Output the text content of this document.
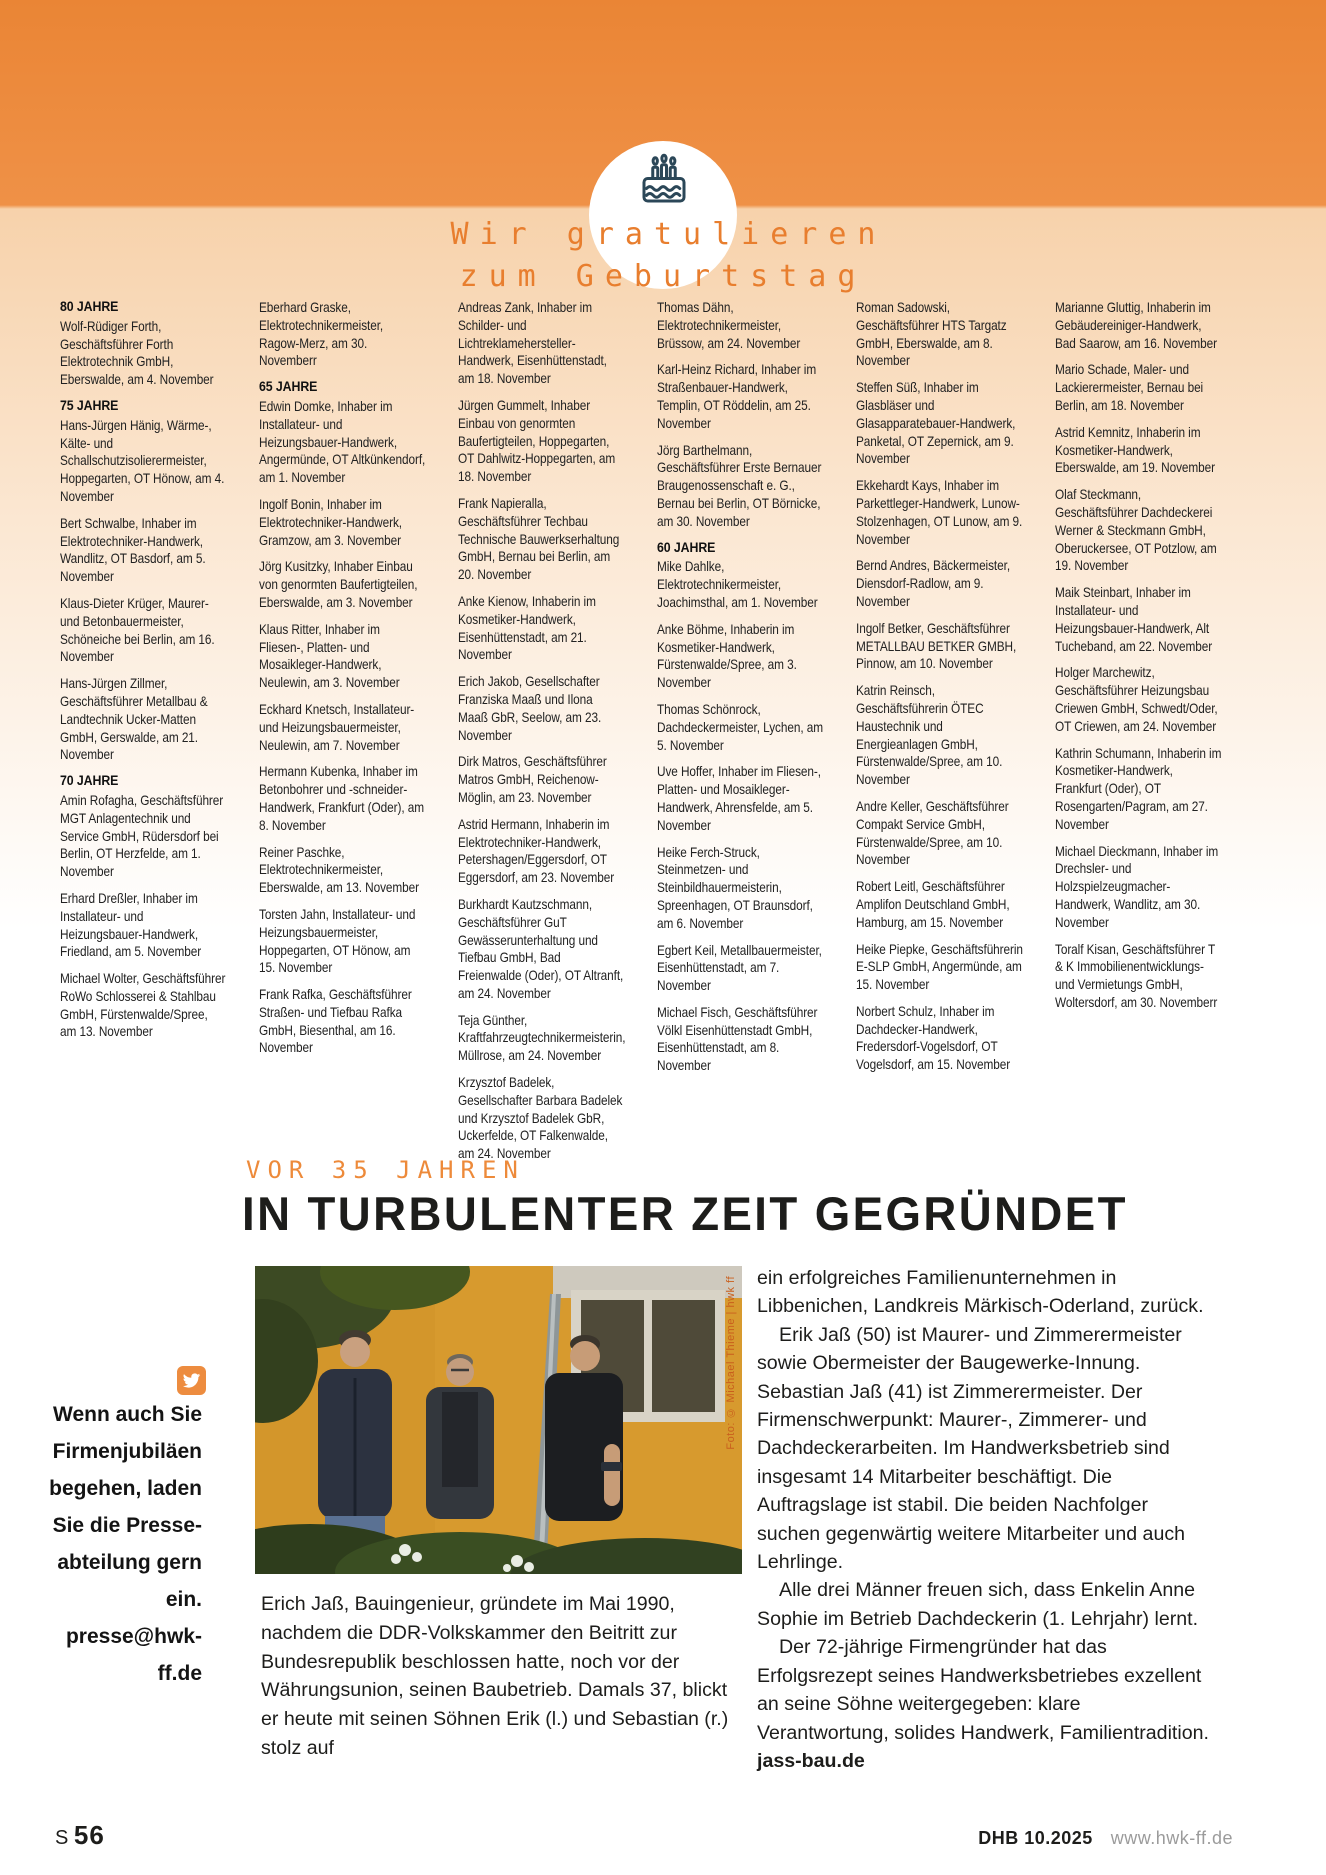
Wir gratulieren
zum Geburtstag
80 JAHRE

Wolf-Rüdiger Forth, Geschäftsführer Forth Elektrotechnik GmbH, Eberswalde, am 4. November

75 JAHRE

Hans-Jürgen Hänig, Wärme-, Kälte- und Schallschutzisolierermeister, Hoppegarten, OT Hönow, am 4. November

Bert Schwalbe, Inhaber im Elektrotechniker-Handwerk, Wandlitz, OT Basdorf, am 5. November

Klaus-Dieter Krüger, Maurer- und Betonbauermeister, Schöneiche bei Berlin, am 16. November

Hans-Jürgen Zillmer, Geschäftsführer Metallbau & Landtechnik Ucker-Matten GmbH, Gerswalde, am 21. November

70 JAHRE

Amin Rofagha, Geschäftsführer MGT Anlagentechnik und Service GmbH, Rüdersdorf bei Berlin, OT Herzfelde, am 1. November

Erhard Dreßler, Inhaber im Installateur- und Heizungsbauer-Handwerk, Friedland, am 5. November

Michael Wolter, Geschäftsführer RoWo Schlosserei & Stahlbau GmbH, Fürstenwalde/Spree, am 13. November

Eberhard Graske, Elektrotechnikermeister, Ragow-Merz, am 30. Novemberr

65 JAHRE

Edwin Domke, Inhaber im Installateur- und Heizungsbauer-Handwerk, Angermünde, OT Altkünkendorf, am 1. November

Ingolf Bonin, Inhaber im Elektrotechniker-Handwerk, Gramzow, am 3. November

Jörg Kusitzky, Inhaber Einbau von genormten Baufertigteilen, Eberswalde, am 3. November

Klaus Ritter, Inhaber im Fliesen-, Platten- und Mosaikleger-Handwerk, Neulewin, am 3. November

Eckhard Knetsch, Installateur- und Heizungsbauermeister, Neulewin, am 7. November

Hermann Kubenka, Inhaber im Betonbohrer und -schneider-Handwerk, Frankfurt (Oder), am 8. November

Reiner Paschke, Elektrotechnikermeister, Eberswalde, am 13. November

Torsten Jahn, Installateur- und Heizungsbauermeister, Hoppegarten, OT Hönow, am 15. November

Frank Rafka, Geschäftsführer Straßen- und Tiefbau Rafka GmbH, Biesenthal, am 16. November

Andreas Zank, Inhaber im Schilder- und Lichtreklamehersteller-Handwerk, Eisenhüttenstadt, am 18. November

Jürgen Gummelt, Inhaber Einbau von genormten Baufertigteilen, Hoppegarten, OT Dahlwitz-Hoppegarten, am 18. November

Frank Napieralla, Geschäftsführer Techbau Technische Bauwerkserhaltung GmbH, Bernau bei Berlin, am 20. November

Anke Kienow, Inhaberin im Kosmetiker-Handwerk, Eisenhüttenstadt, am 21. November

Erich Jakob, Gesellschafter Franziska Maaß und Ilona Maaß GbR, Seelow, am 23. November

Dirk Matros, Geschäftsführer Matros GmbH, Reichenow-Möglin, am 23. November

Astrid Hermann, Inhaberin im Elektrotechniker-Handwerk, Petershagen/Eggersdorf, OT Eggersdorf, am 23. November

Burkhardt Kautzschmann, Geschäftsführer GuT Gewässerunterhaltung und Tiefbau GmbH, Bad Freienwalde (Oder), OT Altranft, am 24. November

Teja Günther, Kraftfahrzeugtechnikermeisterin, Müllrose, am 24. November

Krzysztof Badelek, Gesellschafter Barbara Badelek und Krzysztof Badelek GbR, Uckerfelde, OT Falkenwalde, am 24. November

Thomas Dähn, Elektrotechnikermeister, Brüssow, am 24. November

Karl-Heinz Richard, Inhaber im Straßenbauer-Handwerk, Templin, OT Röddelin, am 25. November

Jörg Barthelmann, Geschäftsführer Erste Bernauer Braugenossenschaft e. G., Bernau bei Berlin, OT Börnicke, am 30. November

60 JAHRE

Mike Dahlke, Elektrotechnikermeister, Joachimsthal, am 1. November

Anke Böhme, Inhaberin im Kosmetiker-Handwerk, Fürstenwalde/Spree, am 3. November

Thomas Schönrock, Dachdeckermeister, Lychen, am 5. November

Uve Hoffer, Inhaber im Fliesen-, Platten- und Mosaikleger-Handwerk, Ahrensfelde, am 5. November

Heike Ferch-Struck, Steinmetzen- und Steinbildhauermeisterin, Spreenhagen, OT Braunsdorf, am 6. November

Egbert Keil, Metallbauermeister, Eisenhüttenstadt, am 7. November

Michael Fisch, Geschäftsführer Völkl Eisenhüttenstadt GmbH, Eisenhüttenstadt, am 8. November

Roman Sadowski, Geschäftsführer HTS Targatz GmbH, Eberswalde, am 8. November

Steffen Süß, Inhaber im Glasbläser und Glasapparatebauer-Handwerk, Panketal, OT Zepernick, am 9. November

Ekkehardt Kays, Inhaber im Parkettleger-Handwerk, Lunow-Stolzenhagen, OT Lunow, am 9. November

Bernd Andres, Bäckermeister, Diensdorf-Radlow, am 9. November

Ingolf Betker, Geschäftsführer METALLBAU BETKER GMBH, Pinnow, am 10. November

Katrin Reinsch, Geschäftsführerin ÖTEC Haustechnik und Energieanlagen GmbH, Fürstenwalde/Spree, am 10. November

Andre Keller, Geschäftsführer Compakt Service GmbH, Fürstenwalde/Spree, am 10. November

Robert Leitl, Geschäftsführer Amplifon Deutschland GmbH, Hamburg, am 15. November

Heike Piepke, Geschäftsführerin E-SLP GmbH, Angermünde, am 15. November

Norbert Schulz, Inhaber im Dachdecker-Handwerk, Fredersdorf-Vogelsdorf, OT Vogelsdorf, am 15. November

Marianne Gluttig, Inhaberin im Gebäudereiniger-Handwerk, Bad Saarow, am 16. November

Mario Schade, Maler- und Lackierermeister, Bernau bei Berlin, am 18. November

Astrid Kemnitz, Inhaberin im Kosmetiker-Handwerk, Eberswalde, am 19. November

Olaf Steckmann, Geschäftsführer Dachdeckerei Werner & Steckmann GmbH, Oberuckersee, OT Potzlow, am 19. November

Maik Steinbart, Inhaber im Installateur- und Heizungsbauer-Handwerk, Alt Tucheband, am 22. November

Holger Marchewitz, Geschäftsführer Heizungsbau Criewen GmbH, Schwedt/Oder, OT Criewen, am 24. November

Kathrin Schumann, Inhaberin im Kosmetiker-Handwerk, Frankfurt (Oder), OT Rosengarten/Pagram, am 27. November

Michael Dieckmann, Inhaber im Drechsler- und Holzspielzeugmacher-Handwerk, Wandlitz, am 30. November

Toralf Kisan, Geschäftsführer T & K Immobilienentwicklungs- und Vermietungs GmbH, Woltersdorf, am 30. Novemberr

VOR 35 JAHREN
IN TURBULENTER ZEIT GEGRÜNDET

Wenn auch Sie
Firmenjubiläen
begehen, laden
Sie die Presse-
abteilung gern ein.
presse@hwk-ff.de

Foto: © Michael Thieme | hwk ff ein erfolgreiches Familienunternehmen in Libbenichen, Landkreis Märkisch-Oderland, zurück.

Erik Jaß (50) ist Maurer- und Zimmerermeister sowie Obermeister der Baugewerke-Innung. Sebastian Jaß (41) ist Zimmerermeister. Der Firmenschwerpunkt: Maurer-, Zimmerer- und Dachdeckerarbeiten. Im Handwerksbetrieb sind insgesamt 14 Mitarbeiter beschäftigt. Die Auftragslage ist stabil. Die beiden Nachfolger suchen gegenwärtig weitere Mitarbeiter und auch Lehrlinge.

Alle drei Männer freuen sich, dass Enkelin Anne Sophie im Betrieb Dachdeckerin (1. Lehrjahr) lernt.

Der 72-jährige Firmengründer hat das Erfolgsrezept seines Handwerksbetriebes exzellent an seine Söhne weitergegeben: klare Verantwortung, solides Handwerk, Familientradition. jass-bau.de

Erich Jaß, Bauingenieur, gründete im Mai 1990, nachdem die DDR-Volkskammer den Beitritt zur Bundesrepublik beschlossen hatte, noch vor der Währungsunion, seinen Baubetrieb. Damals 37, blickt er heute mit seinen Söhnen Erik (l.) und Sebastian (r.) stolz auf
S 56	DHB 10.2025 www.hwk-ff.de
